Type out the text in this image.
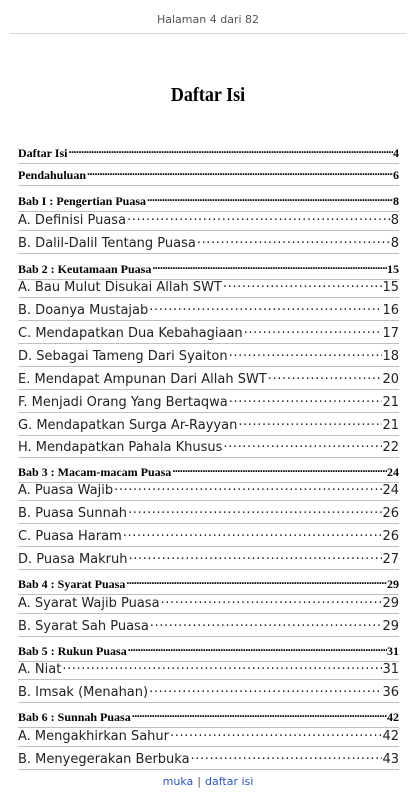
Halaman 4 dari 82
Daftar Isi
Daftar Isi .....	4
Pendahuluan .....	6
Bab I : Pengertian Puasa .....	8
A. Definisi Puasa .....	8
B. Dalil-Dalil Tentang Puasa .....	8
Bab 2 : Keutamaan Puasa .....	15
A. Bau Mulut Disukai Allah SWT .....	15
B. Doanya Mustajab .....	16
C. Mendapatkan Dua Kebahagiaan .....	17
D. Sebagai Tameng Dari Syaiton .....	18
E. Mendapat Ampunan Dari Allah SWT .....	20
F. Menjadi Orang Yang Bertaqwa .....	21
G. Mendapatkan Surga Ar-Rayyan .....	21
H. Mendapatkan Pahala Khusus .....	22
Bab 3 : Macam-macam Puasa .....	24
A. Puasa Wajib .....	24
B. Puasa Sunnah .....	26
C. Puasa Haram .....	26
D. Puasa Makruh .....	27
Bab 4 : Syarat Puasa .....	29
A. Syarat Wajib Puasa .....	29
B. Syarat Sah Puasa .....	29
Bab 5 : Rukun Puasa .....	31
A. Niat .....	31
B. Imsak (Menahan) .....	36
Bab 6 : Sunnah Puasa .....	42
A. Mengakhirkan Sahur .....	42
B. Menyegerakan Berbuka .....	43
muka | daftar isi
